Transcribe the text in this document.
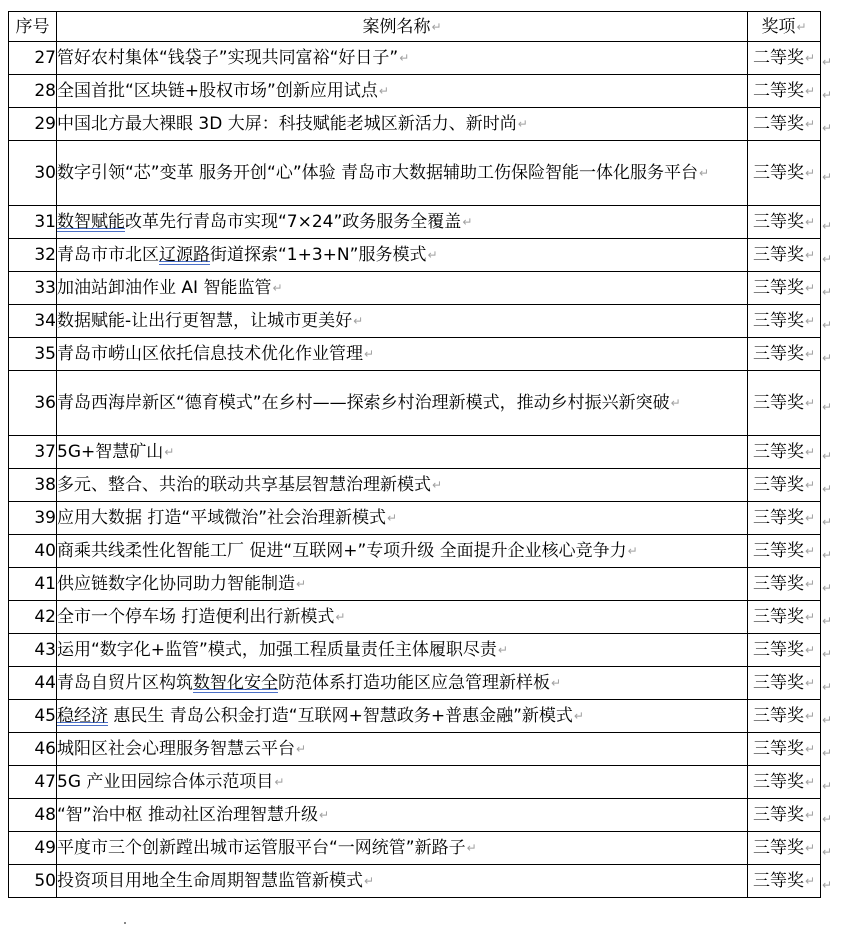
序号	案例名称↵	奖项↵
27	管好农村集体“钱袋子”实现共同富裕“好日子”↵	二等奖↵
28	全国首批“区块链+股权市场”创新应用试点↵	二等奖↵
29	中国北方最大裸眼 3D 大屏：科技赋能老城区新活力、新时尚↵	二等奖↵
30	数字引领“芯”变革 服务开创“心”体验 青岛市大数据辅助工伤保险智能一体化服务平台↵	三等奖↵
31	数智赋能改革先行青岛市实现“7×24”政务服务全覆盖↵	三等奖↵
32	青岛市市北区辽源路街道探索“1+3+N”服务模式↵	三等奖↵
33	加油站卸油作业 AI 智能监管↵	三等奖↵
34	数据赋能-让出行更智慧，让城市更美好↵	三等奖↵
35	青岛市崂山区依托信息技术优化作业管理↵	三等奖↵
36	青岛西海岸新区“德育模式”在乡村——探索乡村治理新模式，推动乡村振兴新突破↵	三等奖↵
37	5G+智慧矿山↵	三等奖↵
38	多元、整合、共治的联动共享基层智慧治理新模式↵	三等奖↵
39	应用大数据 打造“平域微治”社会治理新模式↵	三等奖↵
40	商乘共线柔性化智能工厂 促进“互联网+”专项升级 全面提升企业核心竞争力↵	三等奖↵
41	供应链数字化协同助力智能制造↵	三等奖↵
42	全市一个停车场 打造便利出行新模式↵	三等奖↵
43	运用“数字化+监管”模式，加强工程质量责任主体履职尽责↵	三等奖↵
44	青岛自贸片区构筑数智化安全防范体系打造功能区应急管理新样板↵	三等奖↵
45	稳经济 惠民生 青岛公积金打造“互联网+智慧政务+普惠金融”新模式↵	三等奖↵
46	城阳区社会心理服务智慧云平台↵	三等奖↵
47	5G 产业田园综合体示范项目↵	三等奖↵
48	“智”治中枢 推动社区治理智慧升级↵	三等奖↵
49	平度市三个创新蹚出城市运管服平台“一网统管”新路子↵	三等奖↵
50	投资项目用地全生命周期智慧监管新模式↵	三等奖↵
↵
↵
↵
↵
↵
↵
↵
↵
↵
↵
↵
↵
↵
↵
↵
↵
↵
↵
↵
↵
↵
↵
↵
↵
